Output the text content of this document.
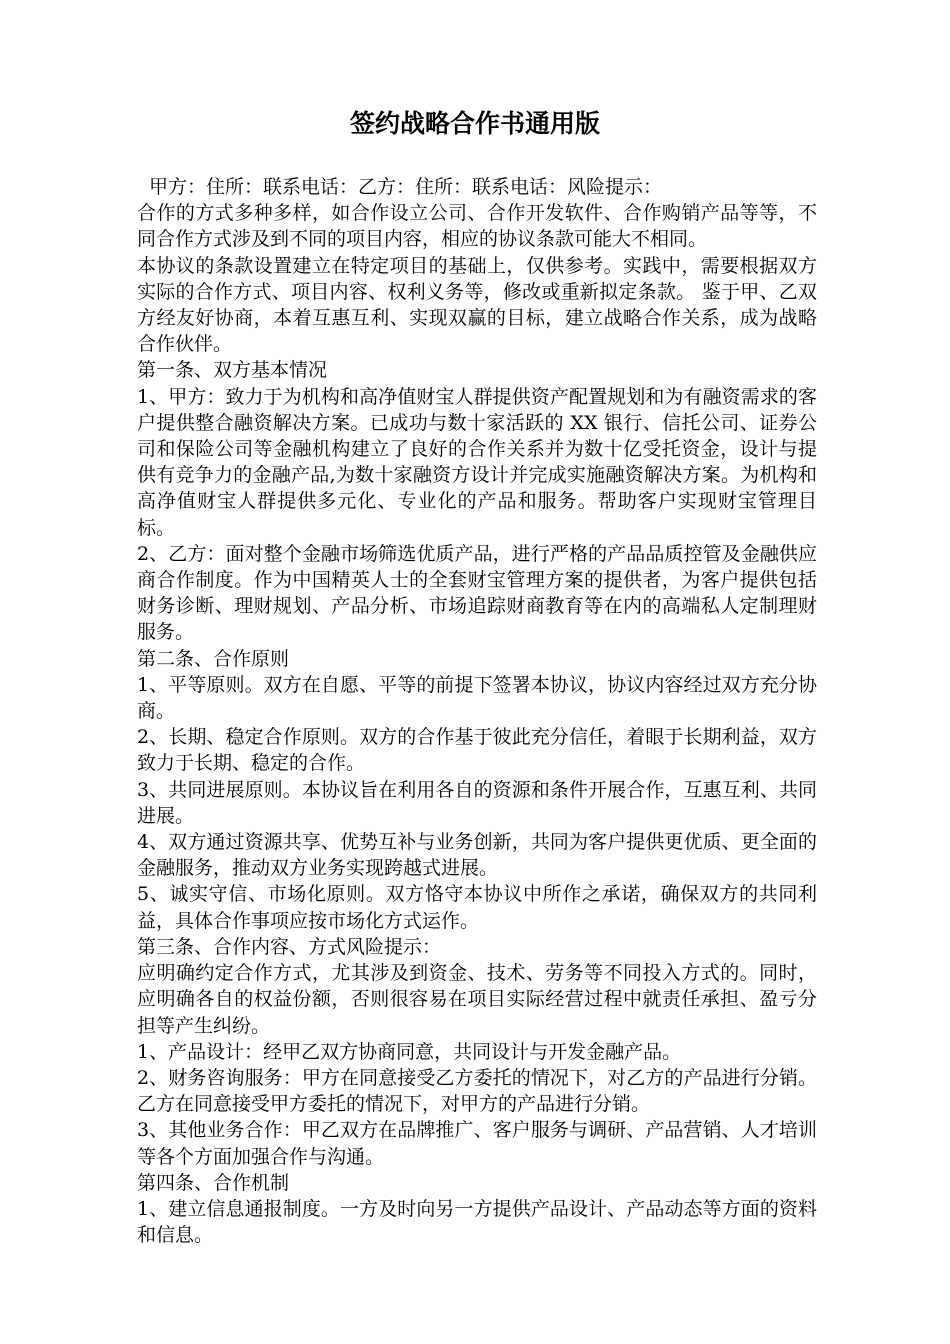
签约战略合作书通用版

甲方：住所：联系电话：乙方：住所：联系电话：风险提示：

合作的方式多种多样，如合作设立公司、合作开发软件、合作购销产品等等，不同合作方式涉及到不同的项目内容，相应的协议条款可能大不相同。

本协议的条款设置建立在特定项目的基础上，仅供参考。实践中，需要根据双方实际的合作方式、项目内容、权利义务等，修改或重新拟定条款。 鉴于甲、乙双方经友好协商，本着互惠互利、实现双赢的目标，建立战略合作关系，成为战略合作伙伴。

第一条、双方基本情况

1、甲方：致力于为机构和高净值财宝人群提供资产配置规划和为有融资需求的客户提供整合融资解决方案。已成功与数十家活跃的 XX 银行、信托公司、证券公司和保险公司等金融机构建立了良好的合作关系并为数十亿受托资金，设计与提供有竞争力的金融产品,为数十家融资方设计并完成实施融资解决方案。为机构和高净值财宝人群提供多元化、专业化的产品和服务。帮助客户实现财宝管理目标。

2、乙方：面对整个金融市场筛选优质产品，进行严格的产品品质控管及金融供应商合作制度。作为中国精英人士的全套财宝管理方案的提供者，为客户提供包括财务诊断、理财规划、产品分析、市场追踪财商教育等在内的高端私人定制理财服务。

第二条、合作原则

1、平等原则。双方在自愿、平等的前提下签署本协议，协议内容经过双方充分协商。

2、长期、稳定合作原则。双方的合作基于彼此充分信任，着眼于长期利益，双方致力于长期、稳定的合作。

3、共同进展原则。本协议旨在利用各自的资源和条件开展合作，互惠互利、共同进展。

4、双方通过资源共享、优势互补与业务创新，共同为客户提供更优质、更全面的金融服务，推动双方业务实现跨越式进展。

5、诚实守信、市场化原则。双方恪守本协议中所作之承诺，确保双方的共同利益，具体合作事项应按市场化方式运作。

第三条、合作内容、方式风险提示：

应明确约定合作方式，尤其涉及到资金、技术、劳务等不同投入方式的。同时，应明确各自的权益份额，否则很容易在项目实际经营过程中就责任承担、盈亏分担等产生纠纷。

1、产品设计：经甲乙双方协商同意，共同设计与开发金融产品。

2、财务咨询服务：甲方在同意接受乙方委托的情况下，对乙方的产品进行分销。乙方在同意接受甲方委托的情况下，对甲方的产品进行分销。

3、其他业务合作：甲乙双方在品牌推广、客户服务与调研、产品营销、人才培训等各个方面加强合作与沟通。

第四条、合作机制

1、建立信息通报制度。一方及时向另一方提供产品设计、产品动态等方面的资料和信息。
